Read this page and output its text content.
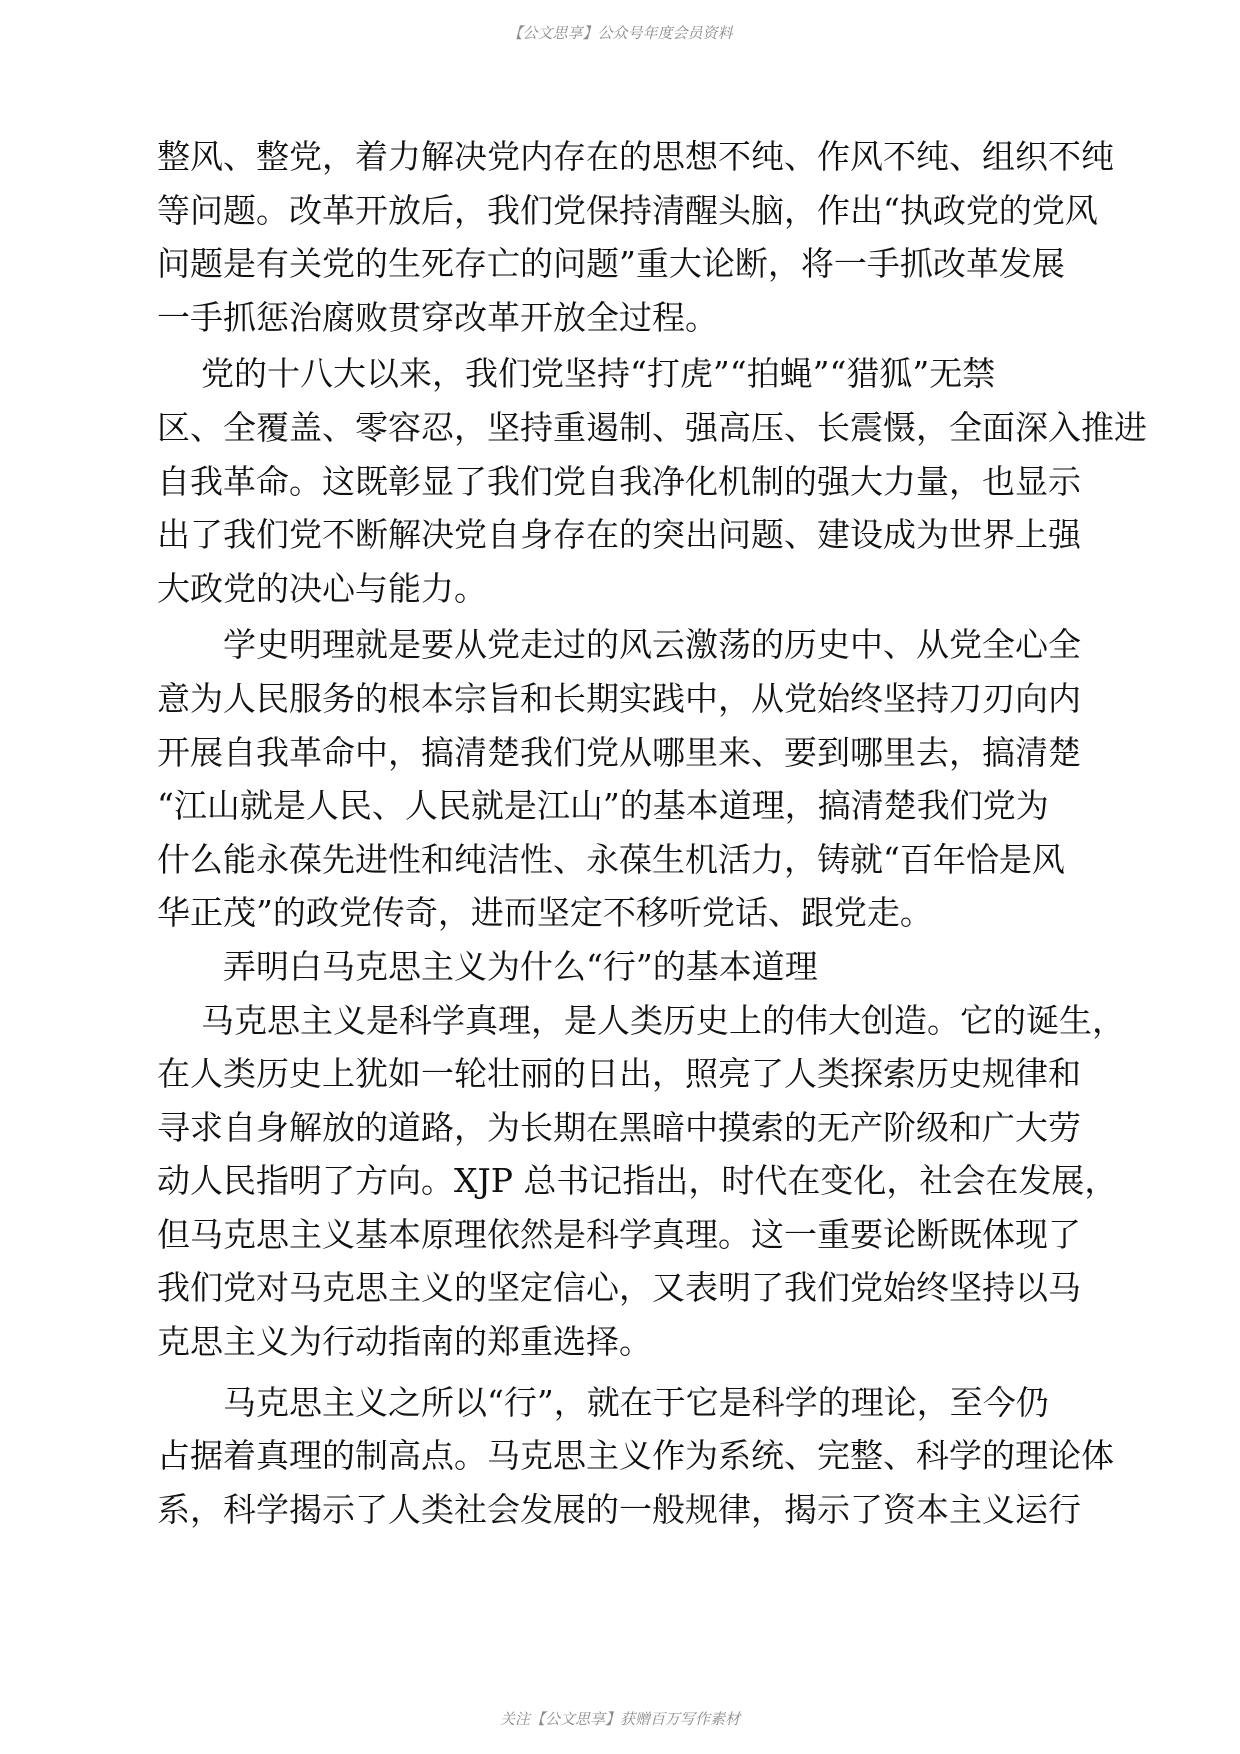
【公文思享】公众号年度会员资料
整风、整党，着力解决党内存在的思想不纯、作风不纯、组织不纯
等问题。改革开放后，我们党保持清醒头脑，作出“执政党的党风
问题是有关党的生死存亡的问题”重大论断，将一手抓改革发展
一手抓惩治腐败贯穿改革开放全过程。
党的十八大以来，我们党坚持“打虎”“拍蝇”“猎狐”无禁
区、全覆盖、零容忍，坚持重遏制、强高压、长震慑，全面深入推进
自我革命。这既彰显了我们党自我净化机制的强大力量，也显示
出了我们党不断解决党自身存在的突出问题、建设成为世界上强
大政党的决心与能力。
学史明理就是要从党走过的风云激荡的历史中、从党全心全
意为人民服务的根本宗旨和长期实践中，从党始终坚持刀刃向内
开展自我革命中，搞清楚我们党从哪里来、要到哪里去，搞清楚
“江山就是人民、人民就是江山”的基本道理，搞清楚我们党为
什么能永葆先进性和纯洁性、永葆生机活力，铸就“百年恰是风
华正茂”的政党传奇，进而坚定不移听党话、跟党走。
弄明白马克思主义为什么“行”的基本道理
马克思主义是科学真理，是人类历史上的伟大创造。它的诞生，
在人类历史上犹如一轮壮丽的日出，照亮了人类探索历史规律和
寻求自身解放的道路，为长期在黑暗中摸索的无产阶级和广大劳
动人民指明了方向。XJP 总书记指出，时代在变化，社会在发展，
但马克思主义基本原理依然是科学真理。这一重要论断既体现了
我们党对马克思主义的坚定信心，又表明了我们党始终坚持以马
克思主义为行动指南的郑重选择。
马克思主义之所以“行”，就在于它是科学的理论，至今仍
占据着真理的制高点。马克思主义作为系统、完整、科学的理论体
系，科学揭示了人类社会发展的一般规律，揭示了资本主义运行
关注【公文思享】获赠百万写作素材
